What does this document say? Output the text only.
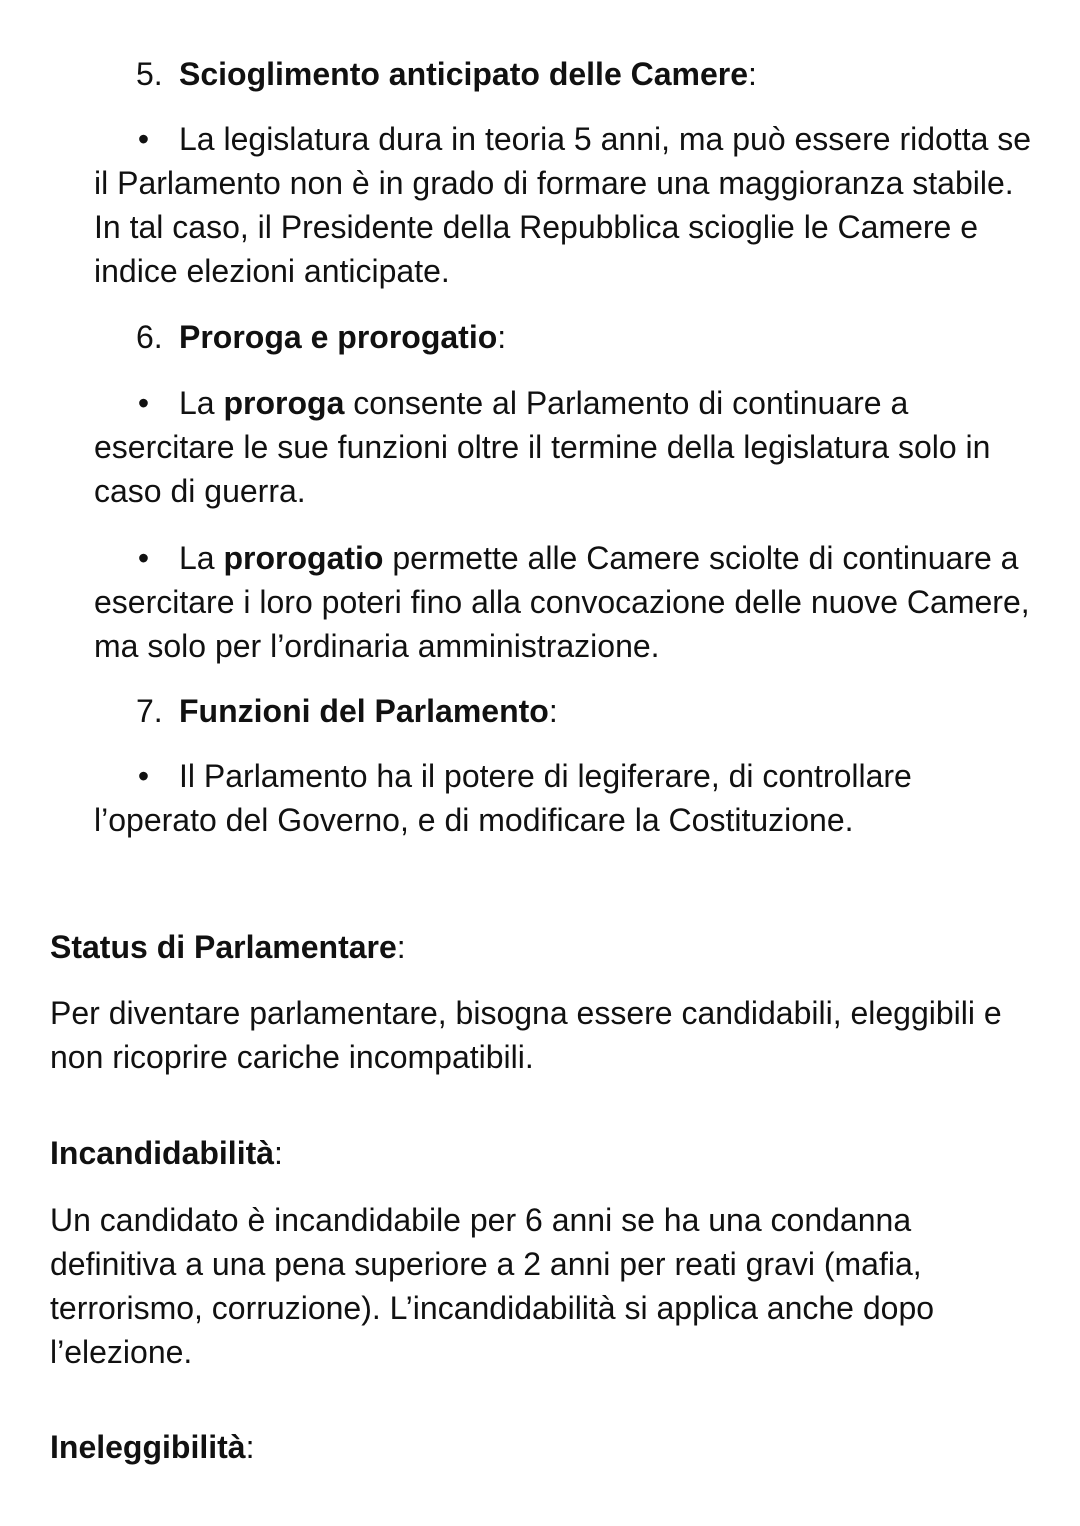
5. Scioglimento anticipato delle Camere:

• La legislatura dura in teoria 5 anni, ma può essere ridotta se il Parlamento non è in grado di formare una maggioranza stabile. In tal caso, il Presidente della Repubblica scioglie le Camere e indice elezioni anticipate.

6. Proroga e prorogatio:

• La proroga consente al Parlamento di continuare a esercitare le sue funzioni oltre il termine della legislatura solo in caso di guerra.

• La prorogatio permette alle Camere sciolte di continuare a esercitare i loro poteri fino alla convocazione delle nuove Camere, ma solo per l’ordinaria amministrazione.

7. Funzioni del Parlamento:

• Il Parlamento ha il potere di legiferare, di controllare l’operato del Governo, e di modificare la Costituzione.

Status di Parlamentare:

Per diventare parlamentare, bisogna essere candidabili, eleggibili e non ricoprire cariche incompatibili.

Incandidabilità:

Un candidato è incandidabile per 6 anni se ha una condanna definitiva a una pena superiore a 2 anni per reati gravi (mafia, terrorismo, corruzione). L’incandidabilità si applica anche dopo l’elezione.

Ineleggibilità:
